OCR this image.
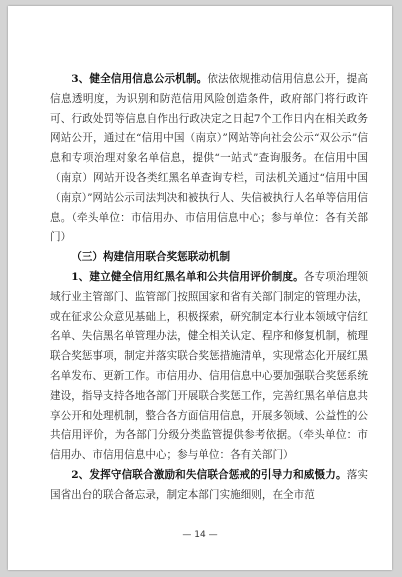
3、健全信用信息公示机制。依法依规推动信用信息公开，提高信息透明度，为识别和防范信用风险创造条件，政府部门将行政许可、行政处罚等信息自作出行政决定之日起7个工作日内在相关政务网站公开，通过在“信用中国（南京）”网站等向社会公示“双公示”信息和专项治理对象名单信息，提供“一站式”查询服务。在信用中国（南京）网站开设各类红黑名单查询专栏，司法机关通过“信用中国（南京）”网站公示司法判决和被执行人、失信被执行人名单等信用信息。（牵头单位：市信用办、市信用信息中心；参与单位：各有关部门）

（三）构建信用联合奖惩联动机制

1、建立健全信用红黑名单和公共信用评价制度。各专项治理领域行业主管部门、监管部门按照国家和省有关部门制定的管理办法，或在征求公众意见基础上，积极探索，研究制定本行业本领域守信红名单、失信黑名单管理办法，健全相关认定、程序和修复机制，梳理联合奖惩事项，制定并落实联合奖惩措施清单，实现常态化开展红黑名单发布、更新工作。市信用办、信用信息中心要加强联合奖惩系统建设，指导支持各地各部门开展联合奖惩工作，完善红黑名单信息共享公开和处理机制，整合各方面信用信息，开展多领域、公益性的公共信用评价，为各部门分级分类监管提供参考依据。（牵头单位：市信用办、市信用信息中心；参与单位：各有关部门）

2、发挥守信联合激励和失信联合惩戒的引导力和威慑力。落实国省出台的联合备忘录，制定本部门实施细则，在全市范

— 14 —
